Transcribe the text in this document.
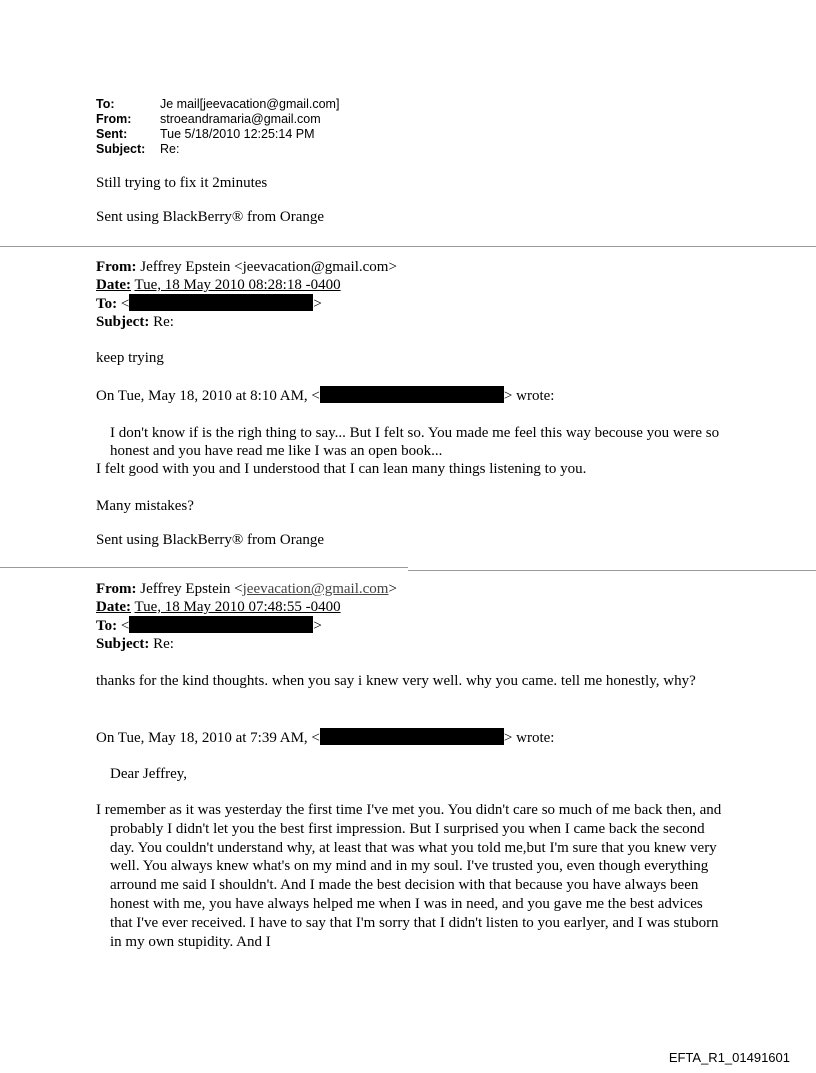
To:	Je mail[jeevacation@gmail.com]
From:	stroeandramaria@gmail.com
Sent:	Tue 5/18/2010 12:25:14 PM
Subject:	Re:

Still trying to fix it 2minutes

Sent using BlackBerry® from Orange

From: Jeffrey Epstein <jeevacation@gmail.com>
Date: Tue, 18 May 2010 08:28:18 -0400
To: <	>
Subject: Re:

keep trying

On Tue, May 18, 2010 at 8:10 AM, <	> wrote:

I don't know if is the righ thing to say... But I felt so. You made me feel this way becouse you were so honest and you have read me like I was an open book...

I felt good with you and I understood that I can lean many things listening to you.

Many mistakes?

Sent using BlackBerry® from Orange

From: Jeffrey Epstein <jeevacation@gmail.com>
Date: Tue, 18 May 2010 07:48:55 -0400
To: <	>
Subject: Re:

thanks for the kind thoughts. when you say i knew very well. why you came. tell me honestly, why?

On Tue, May 18, 2010 at 7:39 AM, <	> wrote:

Dear Jeffrey,

I remember as it was yesterday the first time I've met you. You didn't care so much of me back then, and probably I didn't let you the best first impression. But I surprised you when I came back the second day. You couldn't understand why, at least that was what you told me,but I'm sure that you knew very well. You always knew what's on my mind and in my soul. I've trusted you, even though everything arround me said I shouldn't. And I made the best decision with that because you have always been honest with me, you have always helped me when I was in need, and you gave me the best advices that I've ever received. I have to say that I'm sorry that I didn't listen to you earlyer, and I was stuborn in my own stupidity. And I

EFTA_R1_01491601
